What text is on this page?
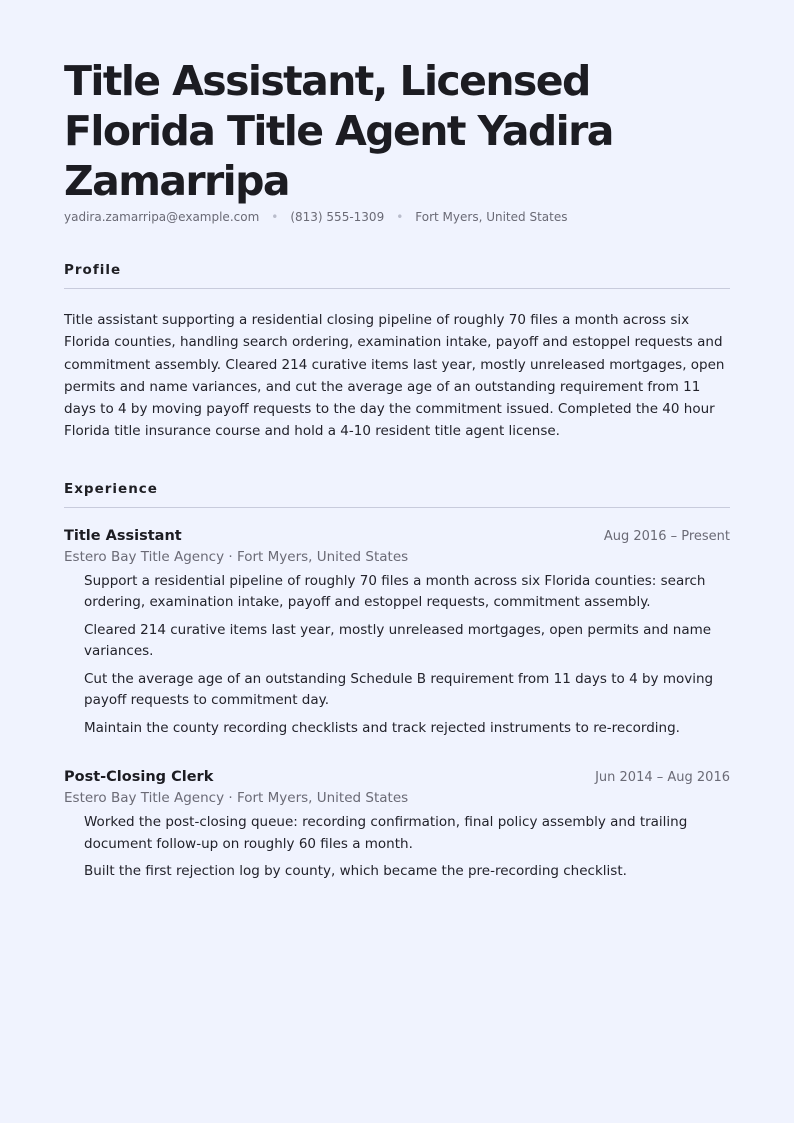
Title Assistant, Licensed Florida Title Agent Yadira Zamarripa
yadira.zamarripa@example.com • (813) 555-1309 • Fort Myers, United States
Profile

Title assistant supporting a residential closing pipeline of roughly 70 files a month across six Florida counties, handling search ordering, examination intake, payoff and estoppel requests and commitment assembly. Cleared 214 curative items last year, mostly unreleased mortgages, open permits and name variances, and cut the average age of an outstanding requirement from 11 days to 4 by moving payoff requests to the day the commitment issued. Completed the 40 hour Florida title insurance course and hold a 4-10 resident title agent license.

Experience
Title Assistant	Aug 2016 – Present
Estero Bay Title Agency · Fort Myers, United States
Support a residential pipeline of roughly 70 files a month across six Florida counties: search ordering, examination intake, payoff and estoppel requests, commitment assembly.
Cleared 214 curative items last year, mostly unreleased mortgages, open permits and name variances.
Cut the average age of an outstanding Schedule B requirement from 11 days to 4 by moving payoff requests to commitment day.
Maintain the county recording checklists and track rejected instruments to re-recording.
Post-Closing Clerk	Jun 2014 – Aug 2016
Estero Bay Title Agency · Fort Myers, United States
Worked the post-closing queue: recording confirmation, final policy assembly and trailing document follow-up on roughly 60 files a month.
Built the first rejection log by county, which became the pre-recording checklist.
